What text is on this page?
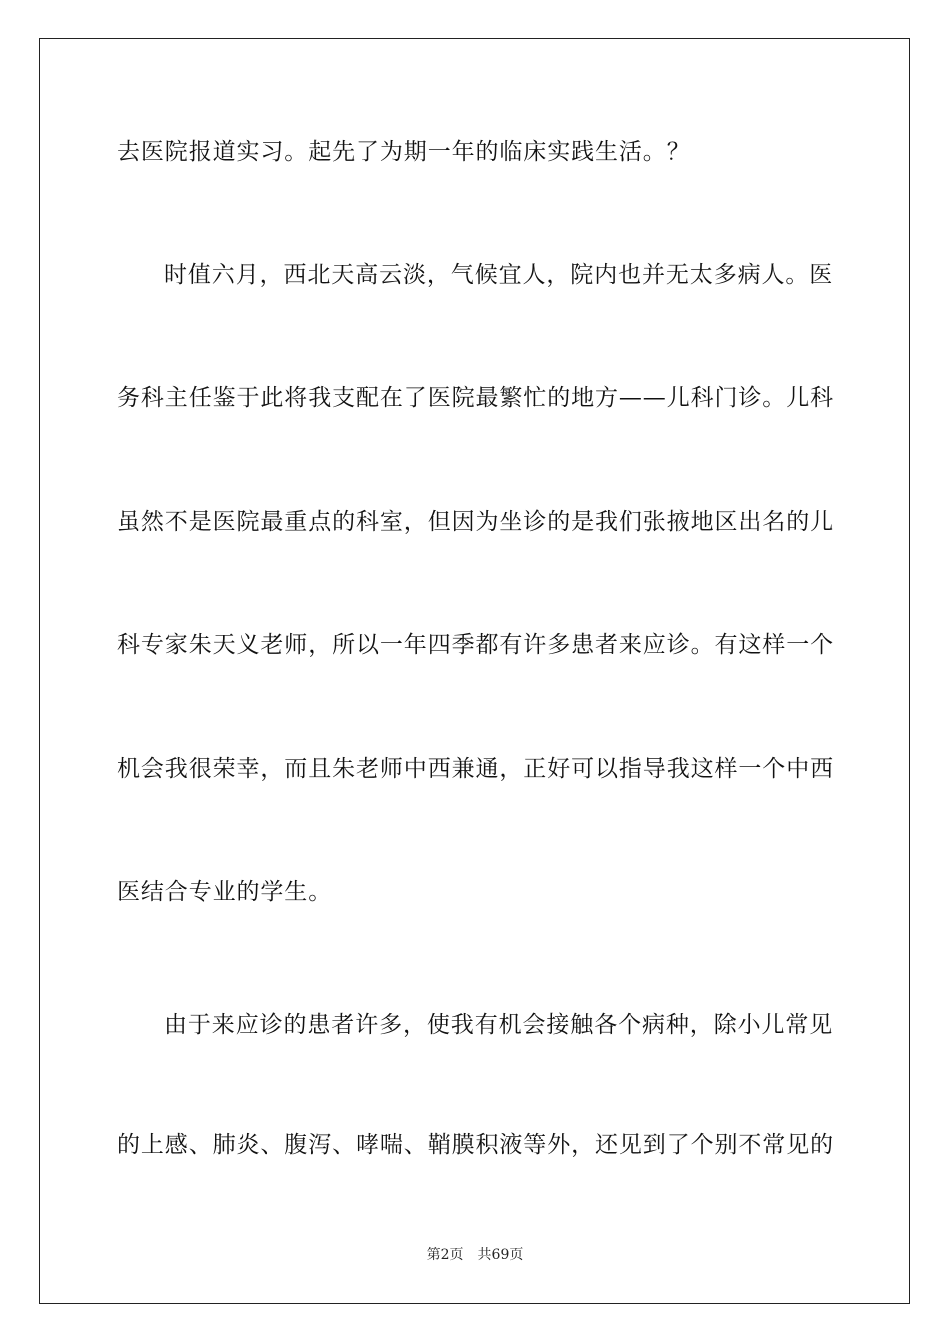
去医院报道实习。起先了为期一年的临床实践生活。？
时值六月，西北天高云淡，气候宜人，院内也并无太多病人。医
务科主任鉴于此将我支配在了医院最繁忙的地方——儿科门诊。儿科
虽然不是医院最重点的科室，但因为坐诊的是我们张掖地区出名的儿
科专家朱天义老师，所以一年四季都有许多患者来应诊。有这样一个
机会我很荣幸，而且朱老师中西兼通，正好可以指导我这样一个中西
医结合专业的学生。
由于来应诊的患者许多，使我有机会接触各个病种，除小儿常见
的上感、肺炎、腹泻、哮喘、鞘膜积液等外，还见到了个别不常见的
第2页 共69页
